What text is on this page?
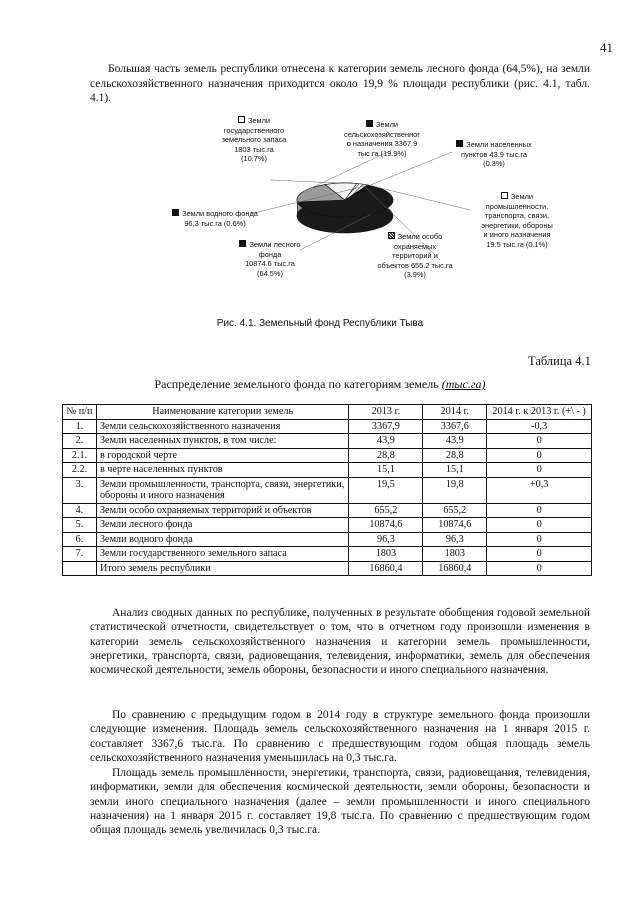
41

Большая часть земель республики отнесена к категории земель лесного фонда (64,5%), на земли сельскохозяйственного назначения приходится около 19,9 % площади республики (рис. 4.1, табл. 4.1).

Земли
государственного
земельного запаса
1803 тыс.га
(10.7%)
Земли
сельскохозяйственног
о назначения 3367.9
тыс.га (19.9%)
Земли населенных
пунктов 43.9 тыс.га
(0.3%)
Земли
промышленности,
транспорта, связи,
энергетики, обороны
и иного назначения
19.5 тыс.га (0.1%)
Земли водного фонда
96.3 тыс.га (0.6%)
Земли лесного фонда
10874.6 тыс.га
(64.5%)
Земли особо
охраняемых
территорий и
объектов 655.2 тыс.га
(3.9%)
Рис. 4.1. Земельный фонд Республики Тыва
Таблица 4.1
Распределение земельного фонда по категориям земель (тыс.га)
№ п/п	Наименование категории земель	2013 г.	2014 г.	2014 г. к 2013 г. (+\ - )
1.	Земли сельскохозяйственного назначения	3367,9	3367,6	-0,3
2.	Земли населенных пунктов, в том числе:	43,9	43,9	0
2.1.	в городской черте	28,8	28,8	0
2.2.	в черте населенных пунктов	15,1	15,1	0
3.	Земли промышленности, транспорта, связи, энергетики, обороны и иного назначения	19,5	19,8	+0,3
4.	Земли особо охраняемых территорий и объектов	655,2	655,2	0
5.	Земли лесного фонда	10874,6	10874,6	0
6.	Земли водного фонда	96,3	96,3	0
7.	Земли государственного земельного запаса	1803	1803	0
	Итого земель республики	16860,4	16860,4	0

Анализ сводных данных по республике, полученных в результате обобщения годовой земельной статистической отчетности, свидетельствует о том, что в отчетном году произошли изменения в категории земель сельскохозяйственного назначения и категории земель промышленности, энергетики, транспорта, связи, радиовещания, телевидения, информатики, земель для обеспечения космической деятельности, земель обороны, безопасности и иного специального назначения.

По сравнению с предыдущим годом в 2014 году в структуре земельного фонда произошли следующие изменения. Площадь земель сельскохозяйственного назначения на 1 января 2015 г. составляет 3367,6 тыс.га. По сравнению с предшествующим годом общая площадь земель сельскохозяйственного назначения уменьшилась на 0,3 тыс.га.

Площадь земель промышленности, энергетики, транспорта, связи, радиовещания, телевидения, информатики, земли для обеспечения космической деятельности, земли обороны, безопасности и земли иного специального назначения (далее – земли промышленности и иного специального назначения) на 1 января 2015 г. составляет 19,8 тыс.га. По сравнению с предшествующим годом общая площадь земель увеличилась 0,3 тыс.га.
